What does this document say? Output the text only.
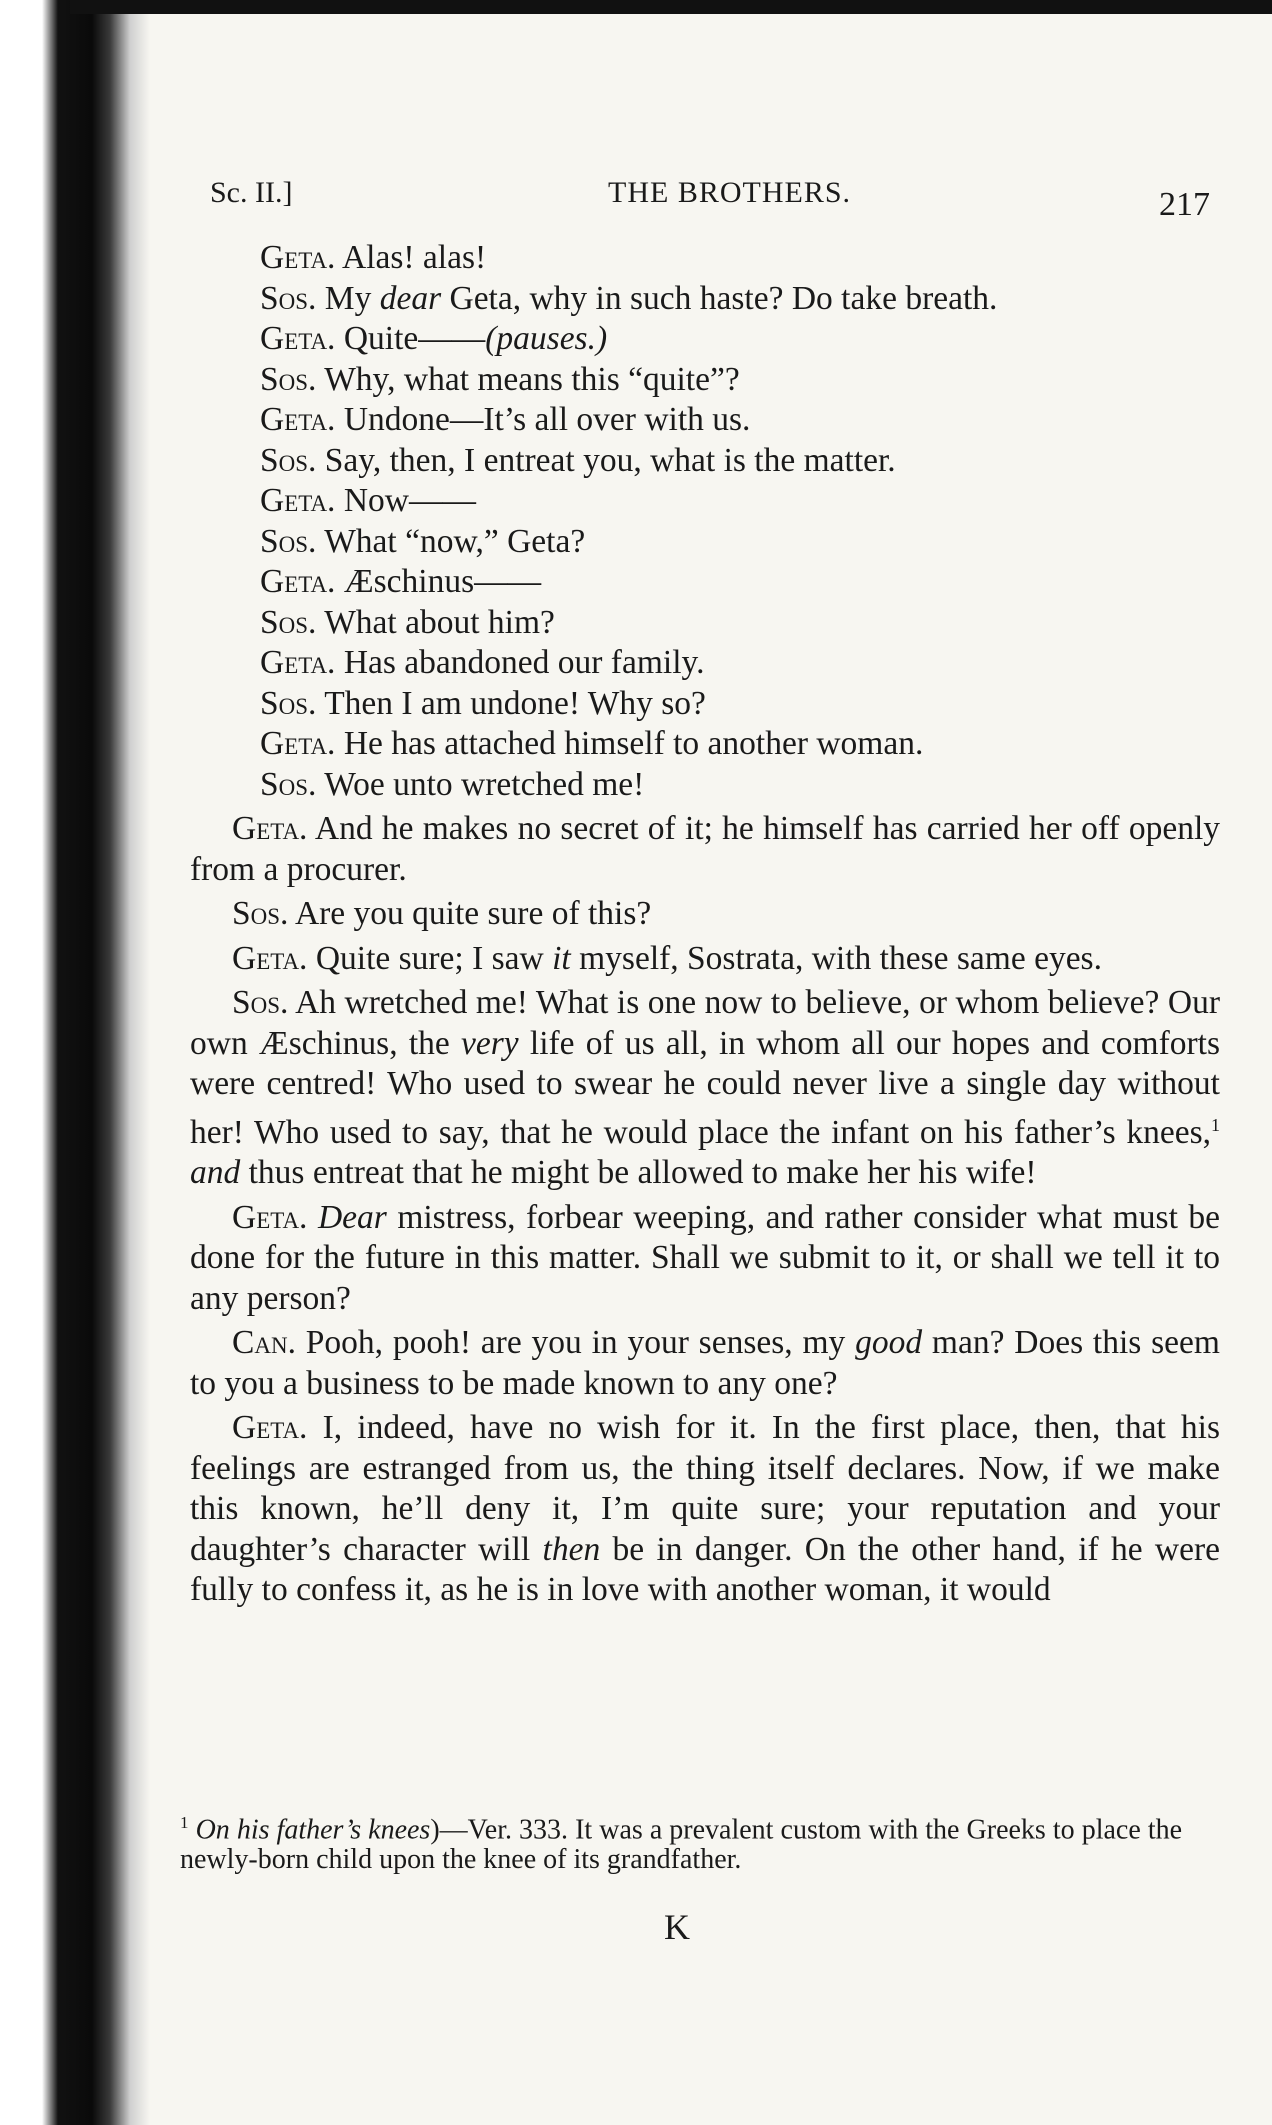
Sc. II.]	THE BROTHERS.	217
Geta. Alas! alas!
Sos. My dear Geta, why in such haste? Do take breath.
Geta. Quite——(pauses.)
Sos. Why, what means this “quite”?
Geta. Undone—It’s all over with us.
Sos. Say, then, I entreat you, what is the matter.
Geta. Now——
Sos. What “now,” Geta?
Geta. Æschinus——
Sos. What about him?
Geta. Has abandoned our family.
Sos. Then I am undone! Why so?
Geta. He has attached himself to another woman.
Sos. Woe unto wretched me!
Geta. And he makes no secret of it; he himself has carried her off openly from a procurer.
Sos. Are you quite sure of this?
Geta. Quite sure; I saw it myself, Sostrata, with these same eyes.
Sos. Ah wretched me! What is one now to believe, or whom believe? Our own Æschinus, the very life of us all, in whom all our hopes and comforts were centred! Who used to swear he could never live a single day without her! Who used to say, that he would place the infant on his father’s knees,$^1$ and thus entreat that he might be allowed to make her his wife!
Geta. Dear mistress, forbear weeping, and rather consider what must be done for the future in this matter. Shall we submit to it, or shall we tell it to any person?
Can. Pooh, pooh! are you in your senses, my good man? Does this seem to you a business to be made known to any one?
Geta. I, indeed, have no wish for it. In the first place, then, that his feelings are estranged from us, the thing itself declares. Now, if we make this known, he’ll deny it, I’m quite sure; your reputation and your daughter’s character will then be in danger. On the other hand, if he were fully to confess it, as he is in love with another woman, it would
$^1$ On his father’s knees)—Ver. 333. It was a prevalent custom with the Greeks to place the newly-born child upon the knee of its grandfather.
K
